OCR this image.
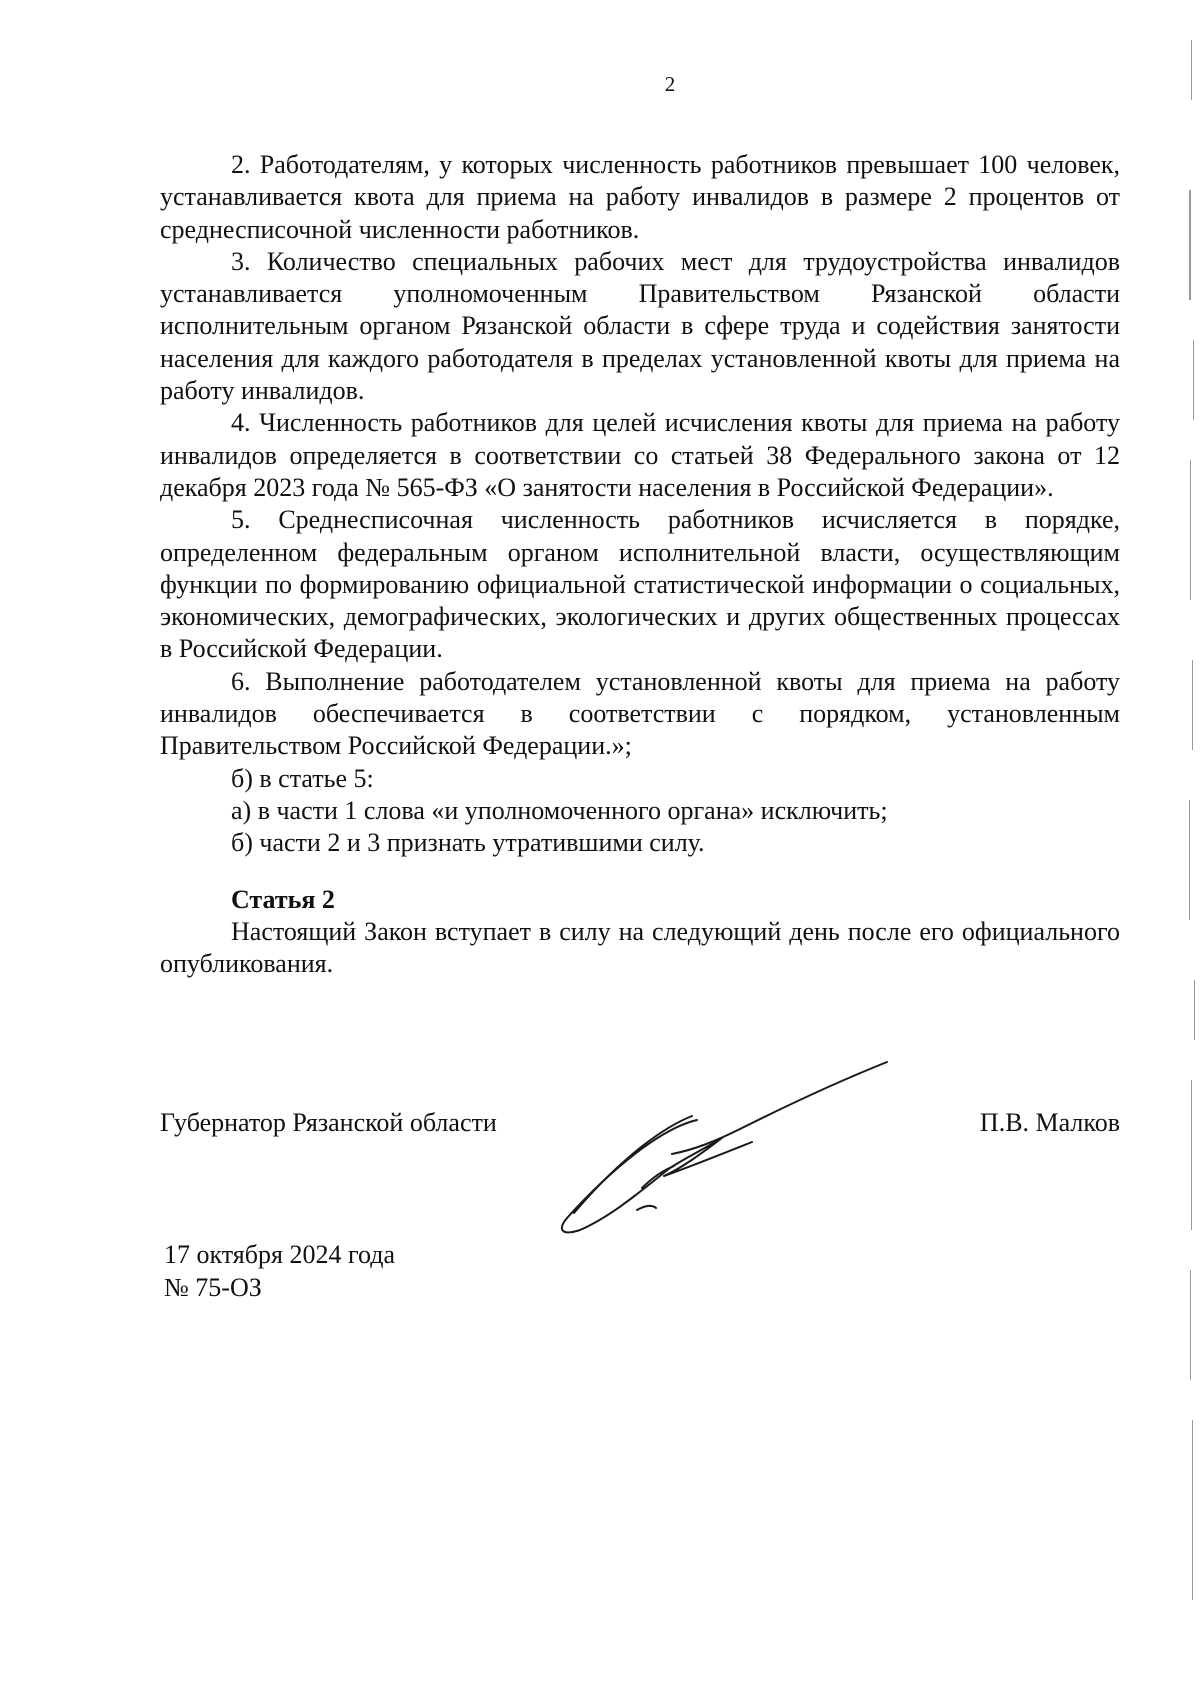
2

2. Работодателям, у которых численность работников превышает 100 человек, устанавливается квота для приема на работу инвалидов в размере 2 процентов от среднесписочной численности работников.

3. Количество специальных рабочих мест для трудоустройства инвалидов устанавливается уполномоченным Правительством Рязанской области исполнительным органом Рязанской области в сфере труда и содействия занятости населения для каждого работодателя в пределах установленной квоты для приема на работу инвалидов.

4. Численность работников для целей исчисления квоты для приема на работу инвалидов определяется в соответствии со статьей 38 Федерального закона от 12 декабря 2023 года № 565-ФЗ «О занятости населения в Российской Федерации».

5. Среднесписочная численность работников исчисляется в порядке, определенном федеральным органом исполнительной власти, осуществляющим функции по формированию официальной статистической информации о социальных, экономических, демографических, экологических и других общественных процессах в Российской Федерации.

6. Выполнение работодателем установленной квоты для приема на работу инвалидов обеспечивается в соответствии с порядком, установленным Правительством Российской Федерации.»;

б) в статье 5:

а) в части 1 слова «и уполномоченного органа» исключить;

б) части 2 и 3 признать утратившими силу.

Статья 2

Настоящий Закон вступает в силу на следующий день после его официального опубликования.

Губернатор Рязанской области	П.В. Малков
17 октября 2024 года
№ 75-ОЗ
